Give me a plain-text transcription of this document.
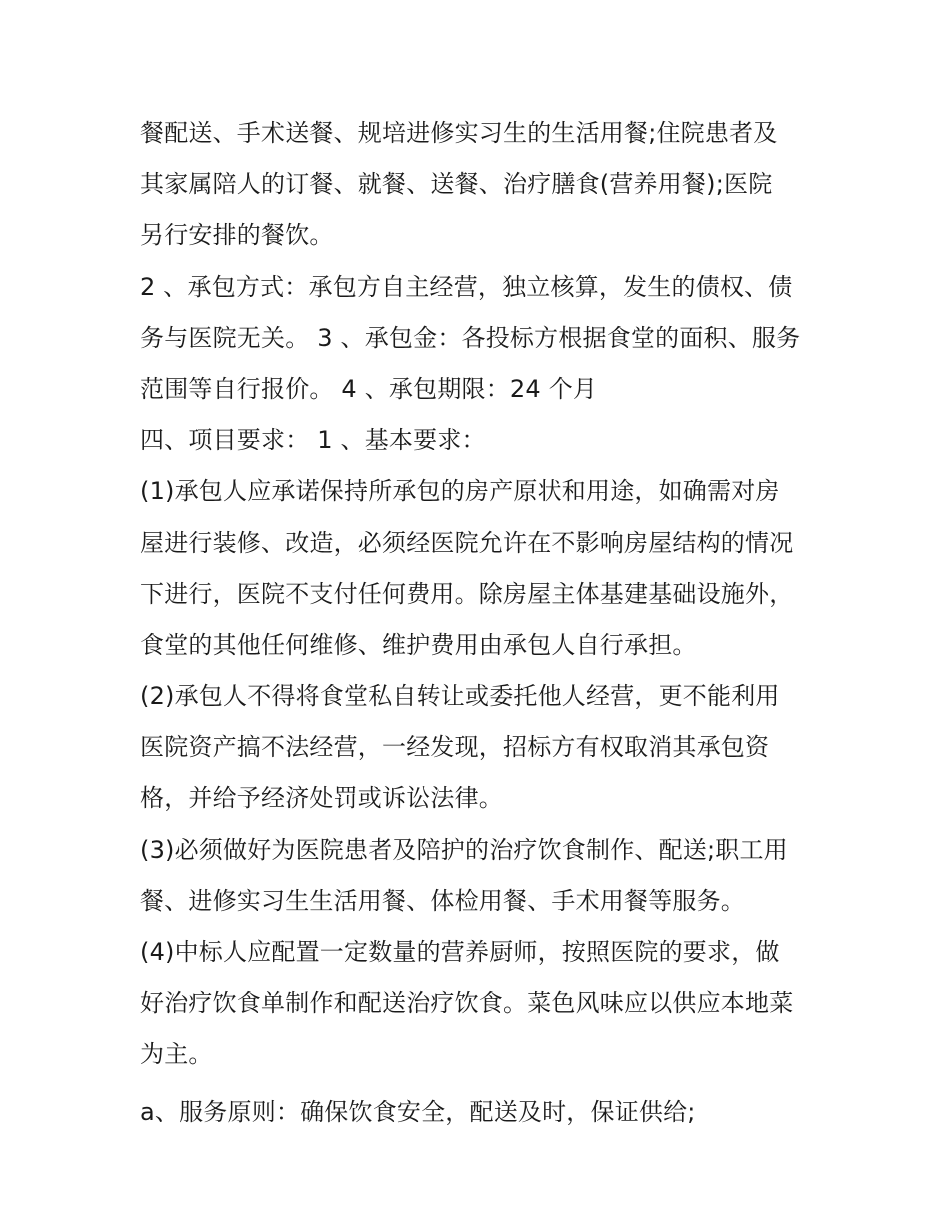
餐配送、手术送餐、规培进修实习生的生活用餐;住院患者及
其家属陪人的订餐、就餐、送餐、治疗膳食(营养用餐);医院
另行安排的餐饮。
2 、承包方式：承包方自主经营，独立核算，发生的债权、债
务与医院无关。 3 、承包金：各投标方根据食堂的面积、服务
范围等自行报价。 4 、承包期限：24 个月
四、项目要求： 1 、基本要求：
(1)承包人应承诺保持所承包的房产原状和用途，如确需对房
屋进行装修、改造，必须经医院允许在不影响房屋结构的情况
下进行，医院不支付任何费用。除房屋主体基建基础设施外，
食堂的其他任何维修、维护费用由承包人自行承担。
(2)承包人不得将食堂私自转让或委托他人经营，更不能利用
医院资产搞不法经营，一经发现，招标方有权取消其承包资
格，并给予经济处罚或诉讼法律。
(3)必须做好为医院患者及陪护的治疗饮食制作、配送;职工用
餐、进修实习生生活用餐、体检用餐、手术用餐等服务。
(4)中标人应配置一定数量的营养厨师，按照医院的要求，做
好治疗饮食单制作和配送治疗饮食。菜色风味应以供应本地菜
为主。
a、服务原则：确保饮食安全，配送及时，保证供给;
